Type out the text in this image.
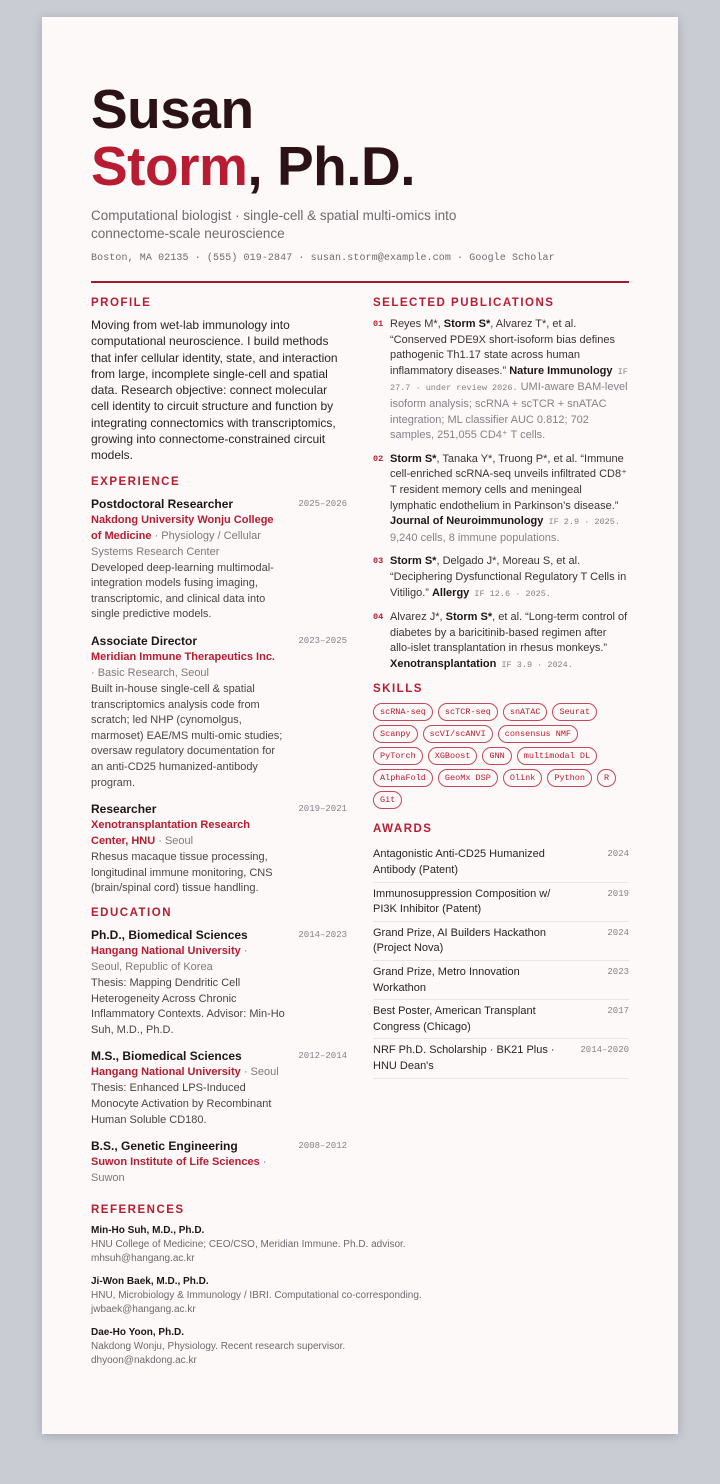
Susan
Storm, Ph.D.
Computational biologist · single-cell & spatial multi-omics into connectome-scale neuroscience
Boston, MA 02135 · (555) 019-2847 · susan.storm@example.com · Google Scholar
PROFILE
Moving from wet-lab immunology into computational neuroscience. I build methods that infer cellular identity, state, and interaction from large, incomplete single-cell and spatial data. Research objective: connect molecular cell identity to circuit structure and function by integrating connectomics with transcriptomics, growing into connectome-constrained circuit models.
EXPERIENCE
Postdoctoral Researcher	2025–2026
Nakdong University Wonju College of Medicine · Physiology / Cellular Systems Research Center
Developed deep-learning multimodal-integration models fusing imaging, transcriptomic, and clinical data into single predictive models.
Associate Director	2023–2025
Meridian Immune Therapeutics Inc. · Basic Research, Seoul
Built in-house single-cell & spatial transcriptomics analysis code from scratch; led NHP (cynomolgus, marmoset) EAE/MS multi-omic studies; oversaw regulatory documentation for an anti-CD25 humanized-antibody program.
Researcher	2019–2021
Xenotransplantation Research Center, HNU · Seoul
Rhesus macaque tissue processing, longitudinal immune monitoring, CNS (brain/spinal cord) tissue handling.
EDUCATION
Ph.D., Biomedical Sciences	2014–2023
Hangang National University · Seoul, Republic of Korea
Thesis: Mapping Dendritic Cell Heterogeneity Across Chronic Inflammatory Contexts. Advisor: Min-Ho Suh, M.D., Ph.D.
M.S., Biomedical Sciences	2012–2014
Hangang National University · Seoul
Thesis: Enhanced LPS-Induced Monocyte Activation by Recombinant Human Soluble CD180.
B.S., Genetic Engineering	2008–2012
Suwon Institute of Life Sciences · Suwon
SELECTED PUBLICATIONS
01 Reyes M*, Storm S*, Alvarez T*, et al. “Conserved PDE9X short-isoform bias defines pathogenic Th1.17 state across human inflammatory diseases.” Nature Immunology IF 27.7 · under review 2026. UMI-aware BAM-level isoform analysis; scRNA + scTCR + snATAC integration; ML classifier AUC 0.812; 702 samples, 251,055 CD4⁺ T cells.
02 Storm S*, Tanaka Y*, Truong P*, et al. “Immune cell-enriched scRNA-seq unveils infiltrated CD8⁺ T resident memory cells and meningeal lymphatic endothelium in Parkinson’s disease.” Journal of Neuroimmunology IF 2.9 · 2025. 9,240 cells, 8 immune populations.
03 Storm S*, Delgado J*, Moreau S, et al. “Deciphering Dysfunctional Regulatory T Cells in Vitiligo.” Allergy IF 12.6 · 2025.
04 Alvarez J*, Storm S*, et al. “Long-term control of diabetes by a baricitinib-based regimen after allo-islet transplantation in rhesus monkeys.” Xenotransplantation IF 3.9 · 2024.
SKILLS
scRNA-seq	scTCR-seq	snATAC	Seurat
Scanpy	scVI/scANVI	consensus NMF
PyTorch	XGBoost	GNN	multimodal DL
AlphaFold	GeoMx DSP	Olink	Python	R
Git
AWARDS
Antagonistic Anti-CD25 Humanized Antibody (Patent)
2024
Immunosuppression Composition w/ PI3K Inhibitor (Patent)
2019
Grand Prize, AI Builders Hackathon (Project Nova)
2024
Grand Prize, Metro Innovation Workathon
2023
Best Poster, American Transplant Congress (Chicago)
2017
NRF Ph.D. Scholarship · BK21 Plus · HNU Dean's
2014–2020
REFERENCES
Min-Ho Suh, M.D., Ph.D.
HNU College of Medicine; CEO/CSO, Meridian Immune. Ph.D. advisor.
mhsuh@hangang.ac.kr
Ji-Won Baek, M.D., Ph.D.
HNU, Microbiology & Immunology / IBRI. Computational co-corresponding.
jwbaek@hangang.ac.kr
Dae-Ho Yoon, Ph.D.
Nakdong Wonju, Physiology. Recent research supervisor.
dhyoon@nakdong.ac.kr
